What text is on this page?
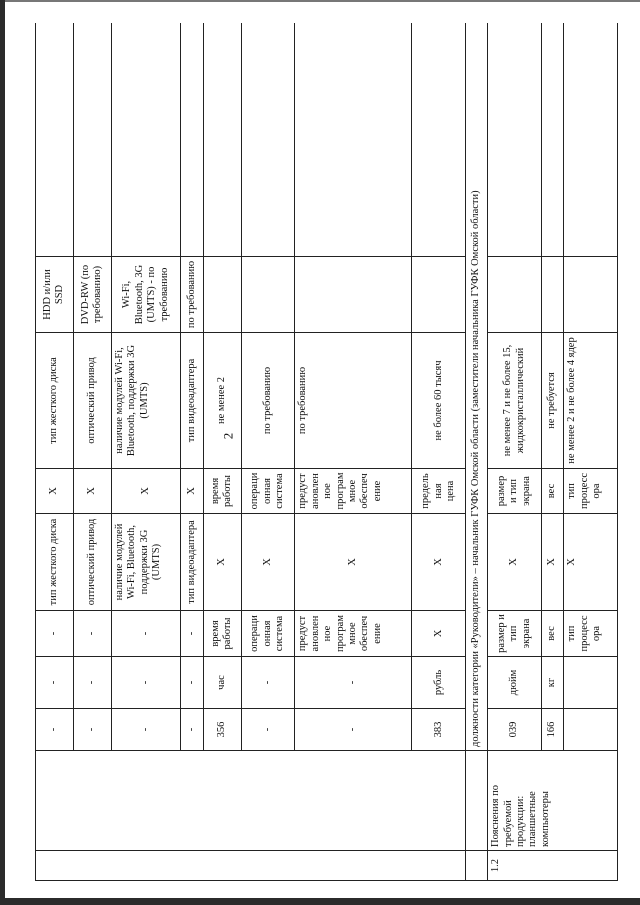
2
		-	-	-	тип жесткого диска	X	тип жесткого диска	HDD и/или SSD	
		-	-	-	оптический привод	X	оптический привод	DVD-RW (по требованию)	
		-	-	-	наличие модулей Wi-Fi, Bluetooth, поддержки 3G (UMTS)	X	наличие модулей Wi-Fi, Bluetooth, поддержки 3G (UMTS)	Wi-Fi, Bluetooth, 3G (UMTS) - по требованию	
		-	-	-	тип видеоадаптера	X	тип видеоадаптера	по требованию	
		356	час	время работы	X	время работы	не менее 2		
		-	-	операционная система	X	операционная система	по требованию		
		-	-	предустановленное программное обеспечение	X	предустановленное программное обеспечение	по требованию		
		383	рубль	X	X	предельная цена	не более 60 тысяч		
		должности категории «Руководители» – начальник ГУФК Омской области (заместители начальника ГУФК Омской области)							
1.2	Пояснения по требуемой продукции: планшетные компьютеры	039	дюйм	размер и тип экрана	X	размер и тип экрана	не менее 7 и не более 15, жидкокристаллический		
		166	кг	вес	X	вес	не требуется		
				тип процессора	X	тип процессора	не менее 2 и не более 4 ядер		
